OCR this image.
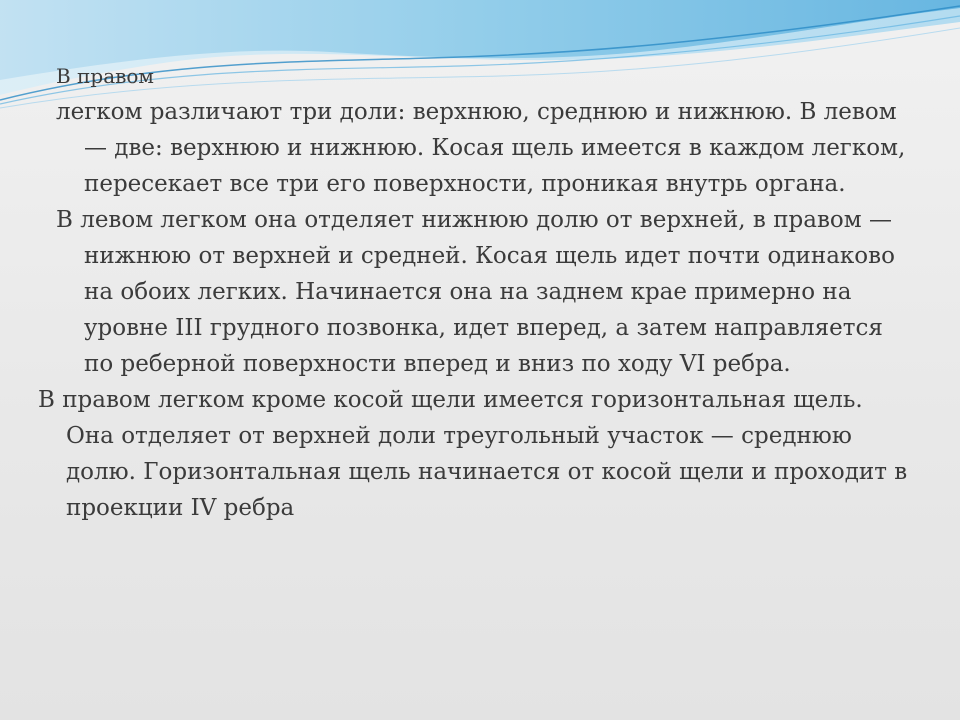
В правом

легком различают три доли: верхнюю, среднюю и нижнюю. В левом — две: верхнюю и нижнюю. Косая щель имеется в каждом легком, пересекает все три его поверхности, проникая внутрь органа.

В левом легком она отделяет нижнюю долю от верхней, в правом — нижнюю от верхней и средней. Косая щель идет почти одинаково на обоих легких. Начинается она на заднем крае примерно на уровне III грудного позвонка, идет вперед, а затем направляется по реберной поверхности вперед и вниз по ходу VI ребра.

В правом легком кроме косой щели имеется горизонтальная щель. Она отделяет от верхней доли треугольный участок — среднюю долю. Горизонтальная щель начинается от косой щели и проходит в проекции IV ребра
